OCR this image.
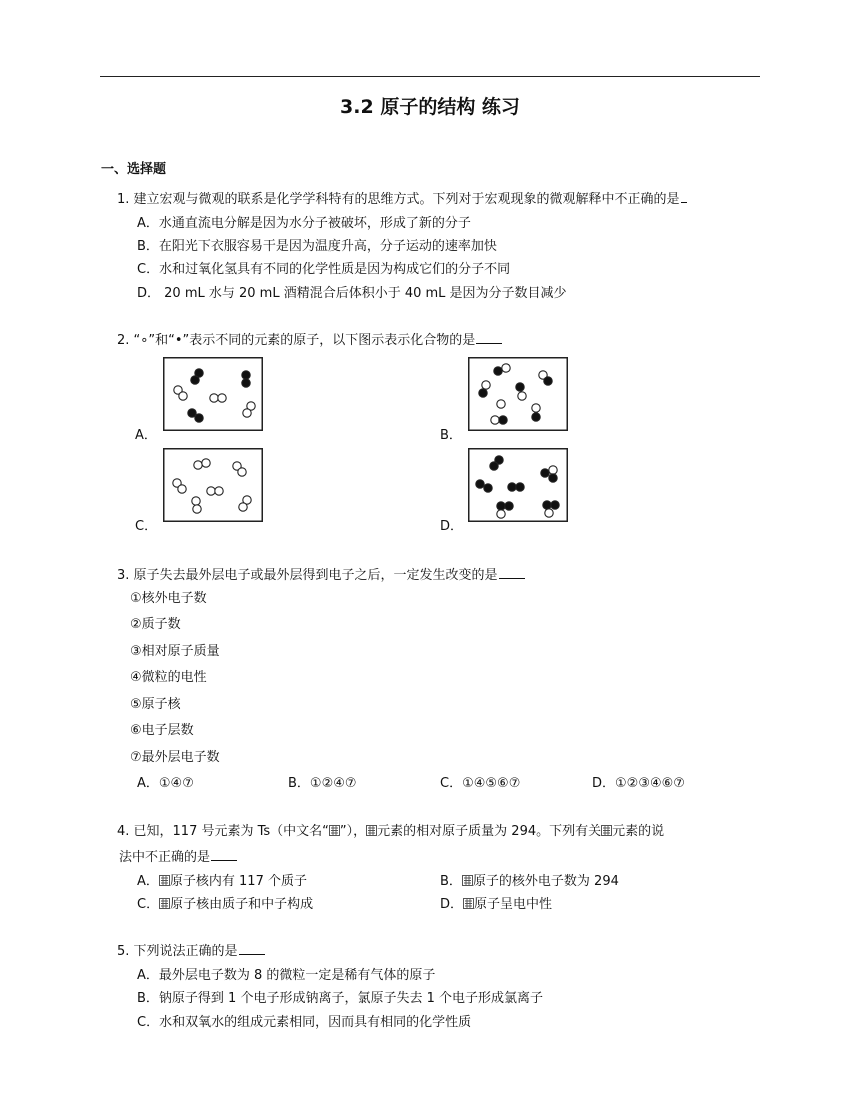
3.2 原子的结构 练习
一、选择题
1. 建立宏观与微观的联系是化学学科特有的思维方式。下列对于宏观现象的微观解释中不正确的是
A．水通直流电分解是因为水分子被破坏，形成了新的分子
B．在阳光下衣服容易干是因为温度升高，分子运动的速率加快
C．水和过氧化氢具有不同的化学性质是因为构成它们的分子不同
D． 20 mL 水与 20 mL 酒精混合后体积小于 40 mL 是因为分子数目减少
2. “∘”和“•”表示不同的元素的原子，以下图示表示化合物的是
A．	B．
C．	D．
3. 原子失去最外层电子或最外层得到电子之后，一定发生改变的是
①核外电子数
②质子数
③相对原子质量
④微粒的电性
⑤原子核
⑥电子层数
⑦最外层电子数
A．①④⑦	B．①②④⑦	C．①④⑤⑥⑦	D．①②③④⑥⑦
4. 已知，117 号元素为 Ts（中文名“ ”）， 元素的相对原子质量为 294。下列有关 元素的说
法中不正确的是
A． 原子核内有 117 个质子	B． 原子的核外电子数为 294
C． 原子核由质子和中子构成	D． 原子呈电中性
5. 下列说法正确的是
A．最外层电子数为 8 的微粒一定是稀有气体的原子
B．钠原子得到 1 个电子形成钠离子，氯原子失去 1 个电子形成氯离子
C．水和双氧水的组成元素相同，因而具有相同的化学性质
